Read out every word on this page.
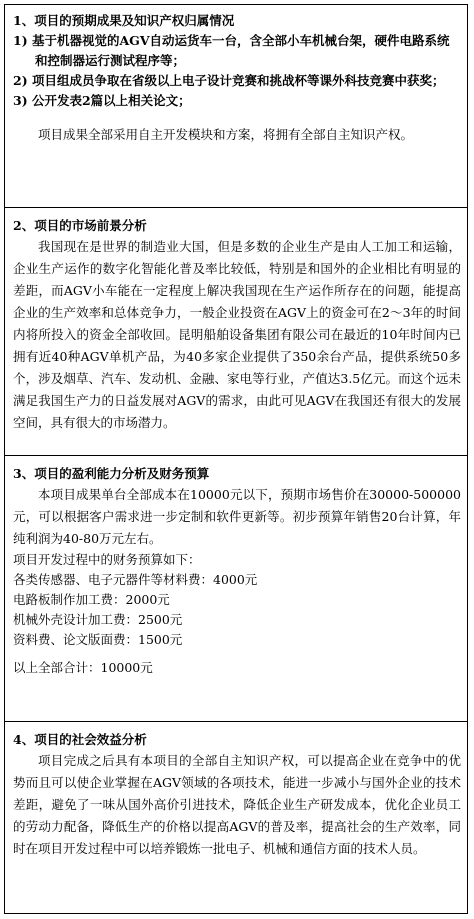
1、项目的预期成果及知识产权归属情况

1) 基于机器视觉的AGV自动运货车一台，含全部小车机械台架，硬件电路系统和控制器运行测试程序等；

2) 项目组成员争取在省级以上电子设计竞赛和挑战杯等课外科技竞赛中获奖；

3) 公开发表2篇以上相关论文；

项目成果全部采用自主开发模块和方案，将拥有全部自主知识产权。

2、项目的市场前景分析

我国现在是世界的制造业大国，但是多数的企业生产是由人工加工和运输，企业生产运作的数字化智能化普及率比较低，特别是和国外的企业相比有明显的差距，而AGV小车能在一定程度上解决我国现在生产运作所存在的问题，能提高企业的生产效率和总体竞争力，一般企业投资在AGV上的资金可在2～3年的时间内将所投入的资金全部收回。昆明船舶设备集团有限公司在最近的10年时间内已拥有近40种AGV单机产品，为40多家企业提供了350余台产品，提供系统50多个，涉及烟草、汽车、发动机、金融、家电等行业，产值达3.5亿元。而这个远未满足我国生产力的日益发展对AGV的需求，由此可见AGV在我国还有很大的发展空间，具有很大的市场潜力。

3、项目的盈利能力分析及财务预算

本项目成果单台全部成本在10000元以下，预期市场售价在30000-500000元，可以根据客户需求进一步定制和软件更新等。初步预算年销售20台计算，年纯利润为40-80万元左右。

项目开发过程中的财务预算如下：

各类传感器、电子元器件等材料费：4000元

电路板制作加工费：2000元

机械外壳设计加工费：2500元

资料费、论文版面费：1500元

以上全部合计：10000元

4、项目的社会效益分析

项目完成之后具有本项目的全部自主知识产权，可以提高企业在竞争中的优势而且可以使企业掌握在AGV领域的各项技术，能进一步减小与国外企业的技术差距，避免了一味从国外高价引进技术，降低企业生产研发成本，优化企业员工的劳动力配备，降低生产的价格以提高AGV的普及率，提高社会的生产效率，同时在项目开发过程中可以培养锻炼一批电子、机械和通信方面的技术人员。
